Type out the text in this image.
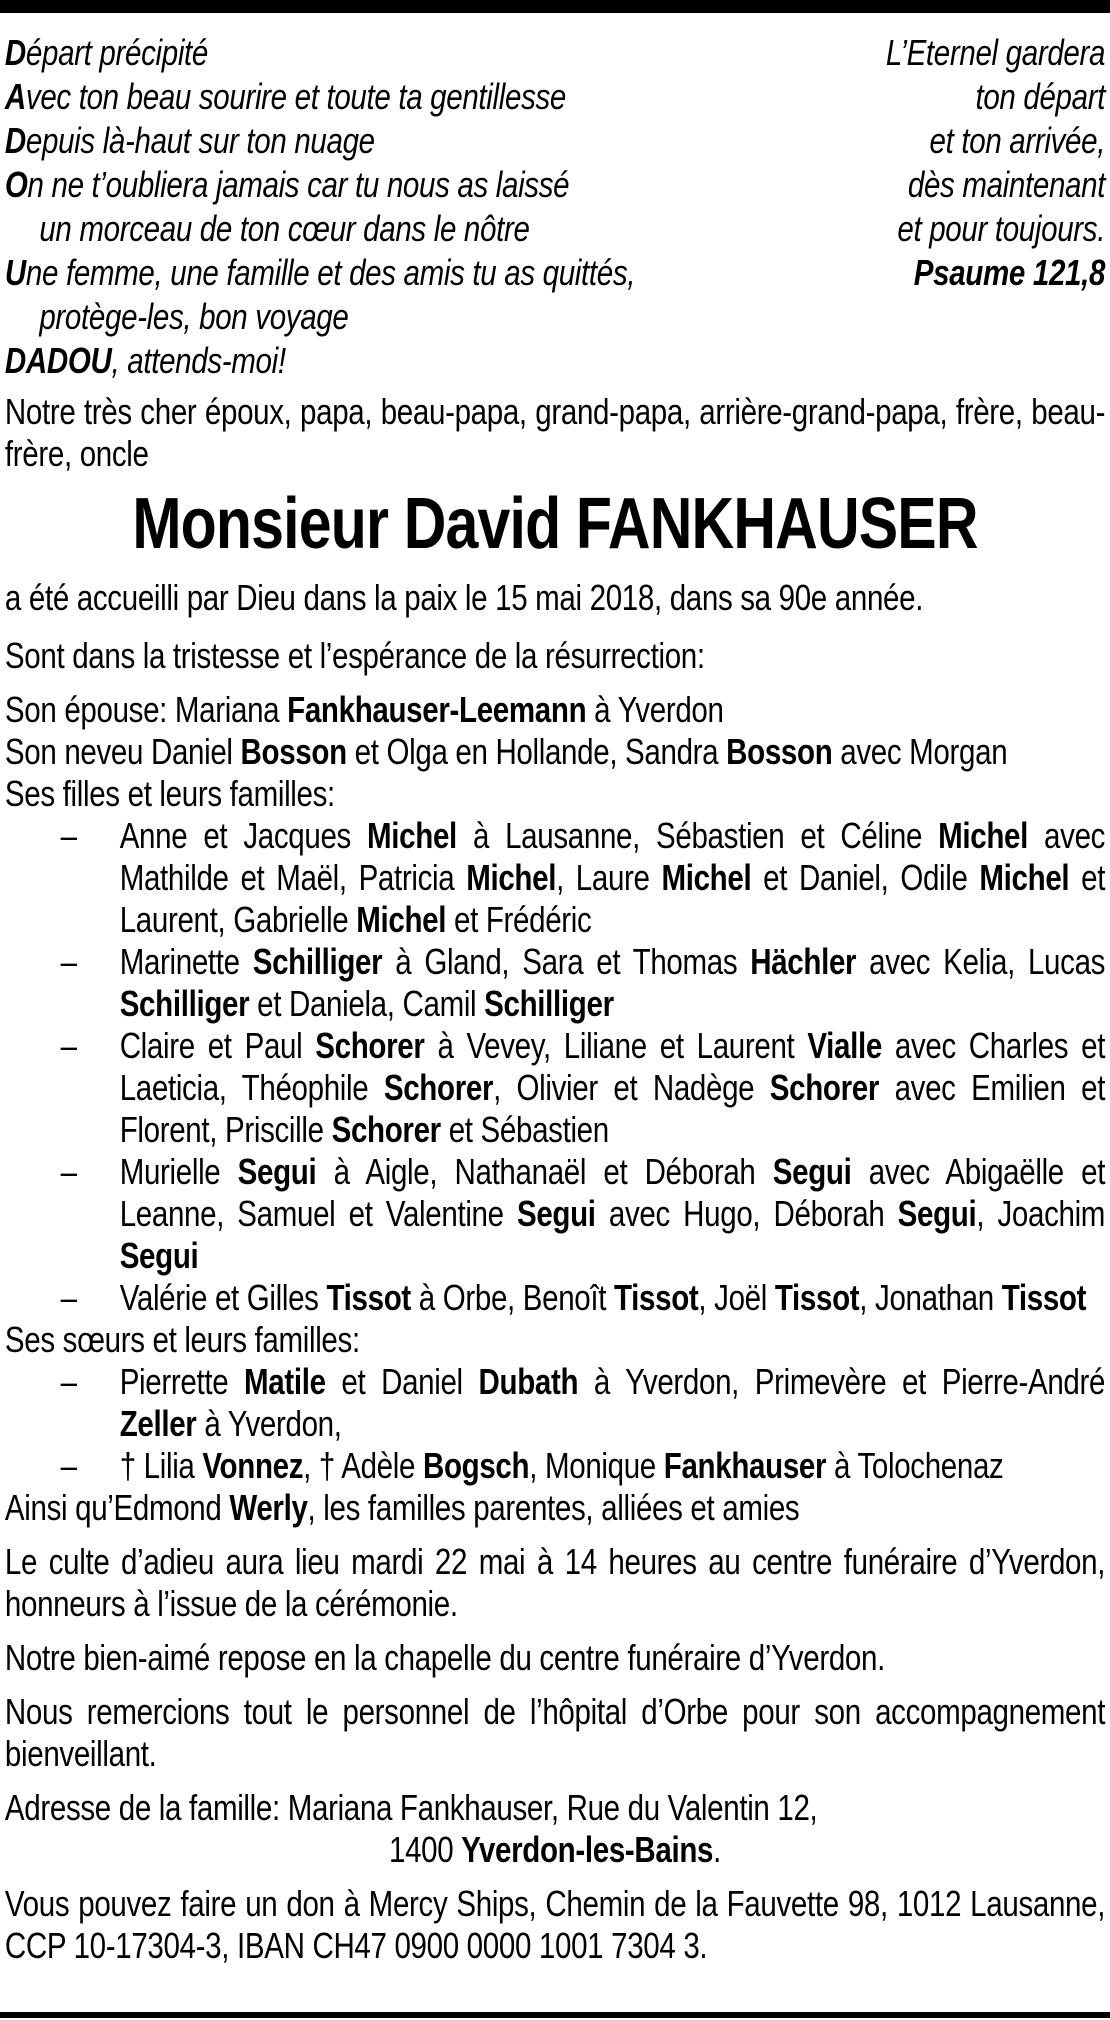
Départ précipité
Avec ton beau sourire et toute ta gentillesse
Depuis là-haut sur ton nuage
On ne t’oubliera jamais car tu nous as laissé
un morceau de ton cœur dans le nôtre
Une femme, une famille et des amis tu as quittés,
protège-les, bon voyage
DADOU, attends-moi!
L’Eternel gardera
ton départ
et ton arrivée,
dès maintenant
et pour toujours.
Psaume 121,8

Notre très cher époux, papa, beau-papa, grand-papa, arrière-grand-papa, frère, beau-frère, oncle

Monsieur David FANKHAUSER

a été accueilli par Dieu dans la paix le 15 mai 2018, dans sa 90e année.

Sont dans la tristesse et l’espérance de la résurrection:

Son épouse: Mariana Fankhauser-Leemann à Yverdon
Son neveu Daniel Bosson et Olga en Hollande, Sandra Bosson avec Morgan
Ses filles et leurs familles:
– Anne et Jacques Michel à Lausanne, Sébastien et Céline Michel avec Mathilde et Maël, Patricia Michel, Laure Michel et Daniel, Odile Michel et Laurent, Gabrielle Michel et Frédéric
– Marinette Schilliger à Gland, Sara et Thomas Hächler avec Kelia, Lucas Schilliger et Daniela, Camil Schilliger
– Claire et Paul Schorer à Vevey, Liliane et Laurent Vialle avec Charles et Laeticia, Théophile Schorer, Olivier et Nadège Schorer avec Emilien et Florent, Priscille Schorer et Sébastien
– Murielle Segui à Aigle, Nathanaël et Déborah Segui avec Abigaëlle et Leanne, Samuel et Valentine Segui avec Hugo, Déborah Segui, Joachim Segui
– Valérie et Gilles Tissot à Orbe, Benoît Tissot, Joël Tissot, Jonathan Tissot
Ses sœurs et leurs familles:
– Pierrette Matile et Daniel Dubath à Yverdon, Primevère et Pierre-André Zeller à Yverdon,
– † Lilia Vonnez, † Adèle Bogsch, Monique Fankhauser à Tolochenaz
Ainsi qu’Edmond Werly, les familles parentes, alliées et amies

Le culte d’adieu aura lieu mardi 22 mai à 14 heures au centre funéraire d’Yverdon, honneurs à l’issue de la cérémonie.

Notre bien-aimé repose en la chapelle du centre funéraire d’Yverdon.

Nous remercions tout le personnel de l’hôpital d’Orbe pour son accompagnement bienveillant.

Adresse de la famille: Mariana Fankhauser, Rue du Valentin 12,
1400 Yverdon-les-Bains.

Vous pouvez faire un don à Mercy Ships, Chemin de la Fauvette 98, 1012 Lausanne, CCP 10-17304-3, IBAN CH47 0900 0000 1001 7304 3.
